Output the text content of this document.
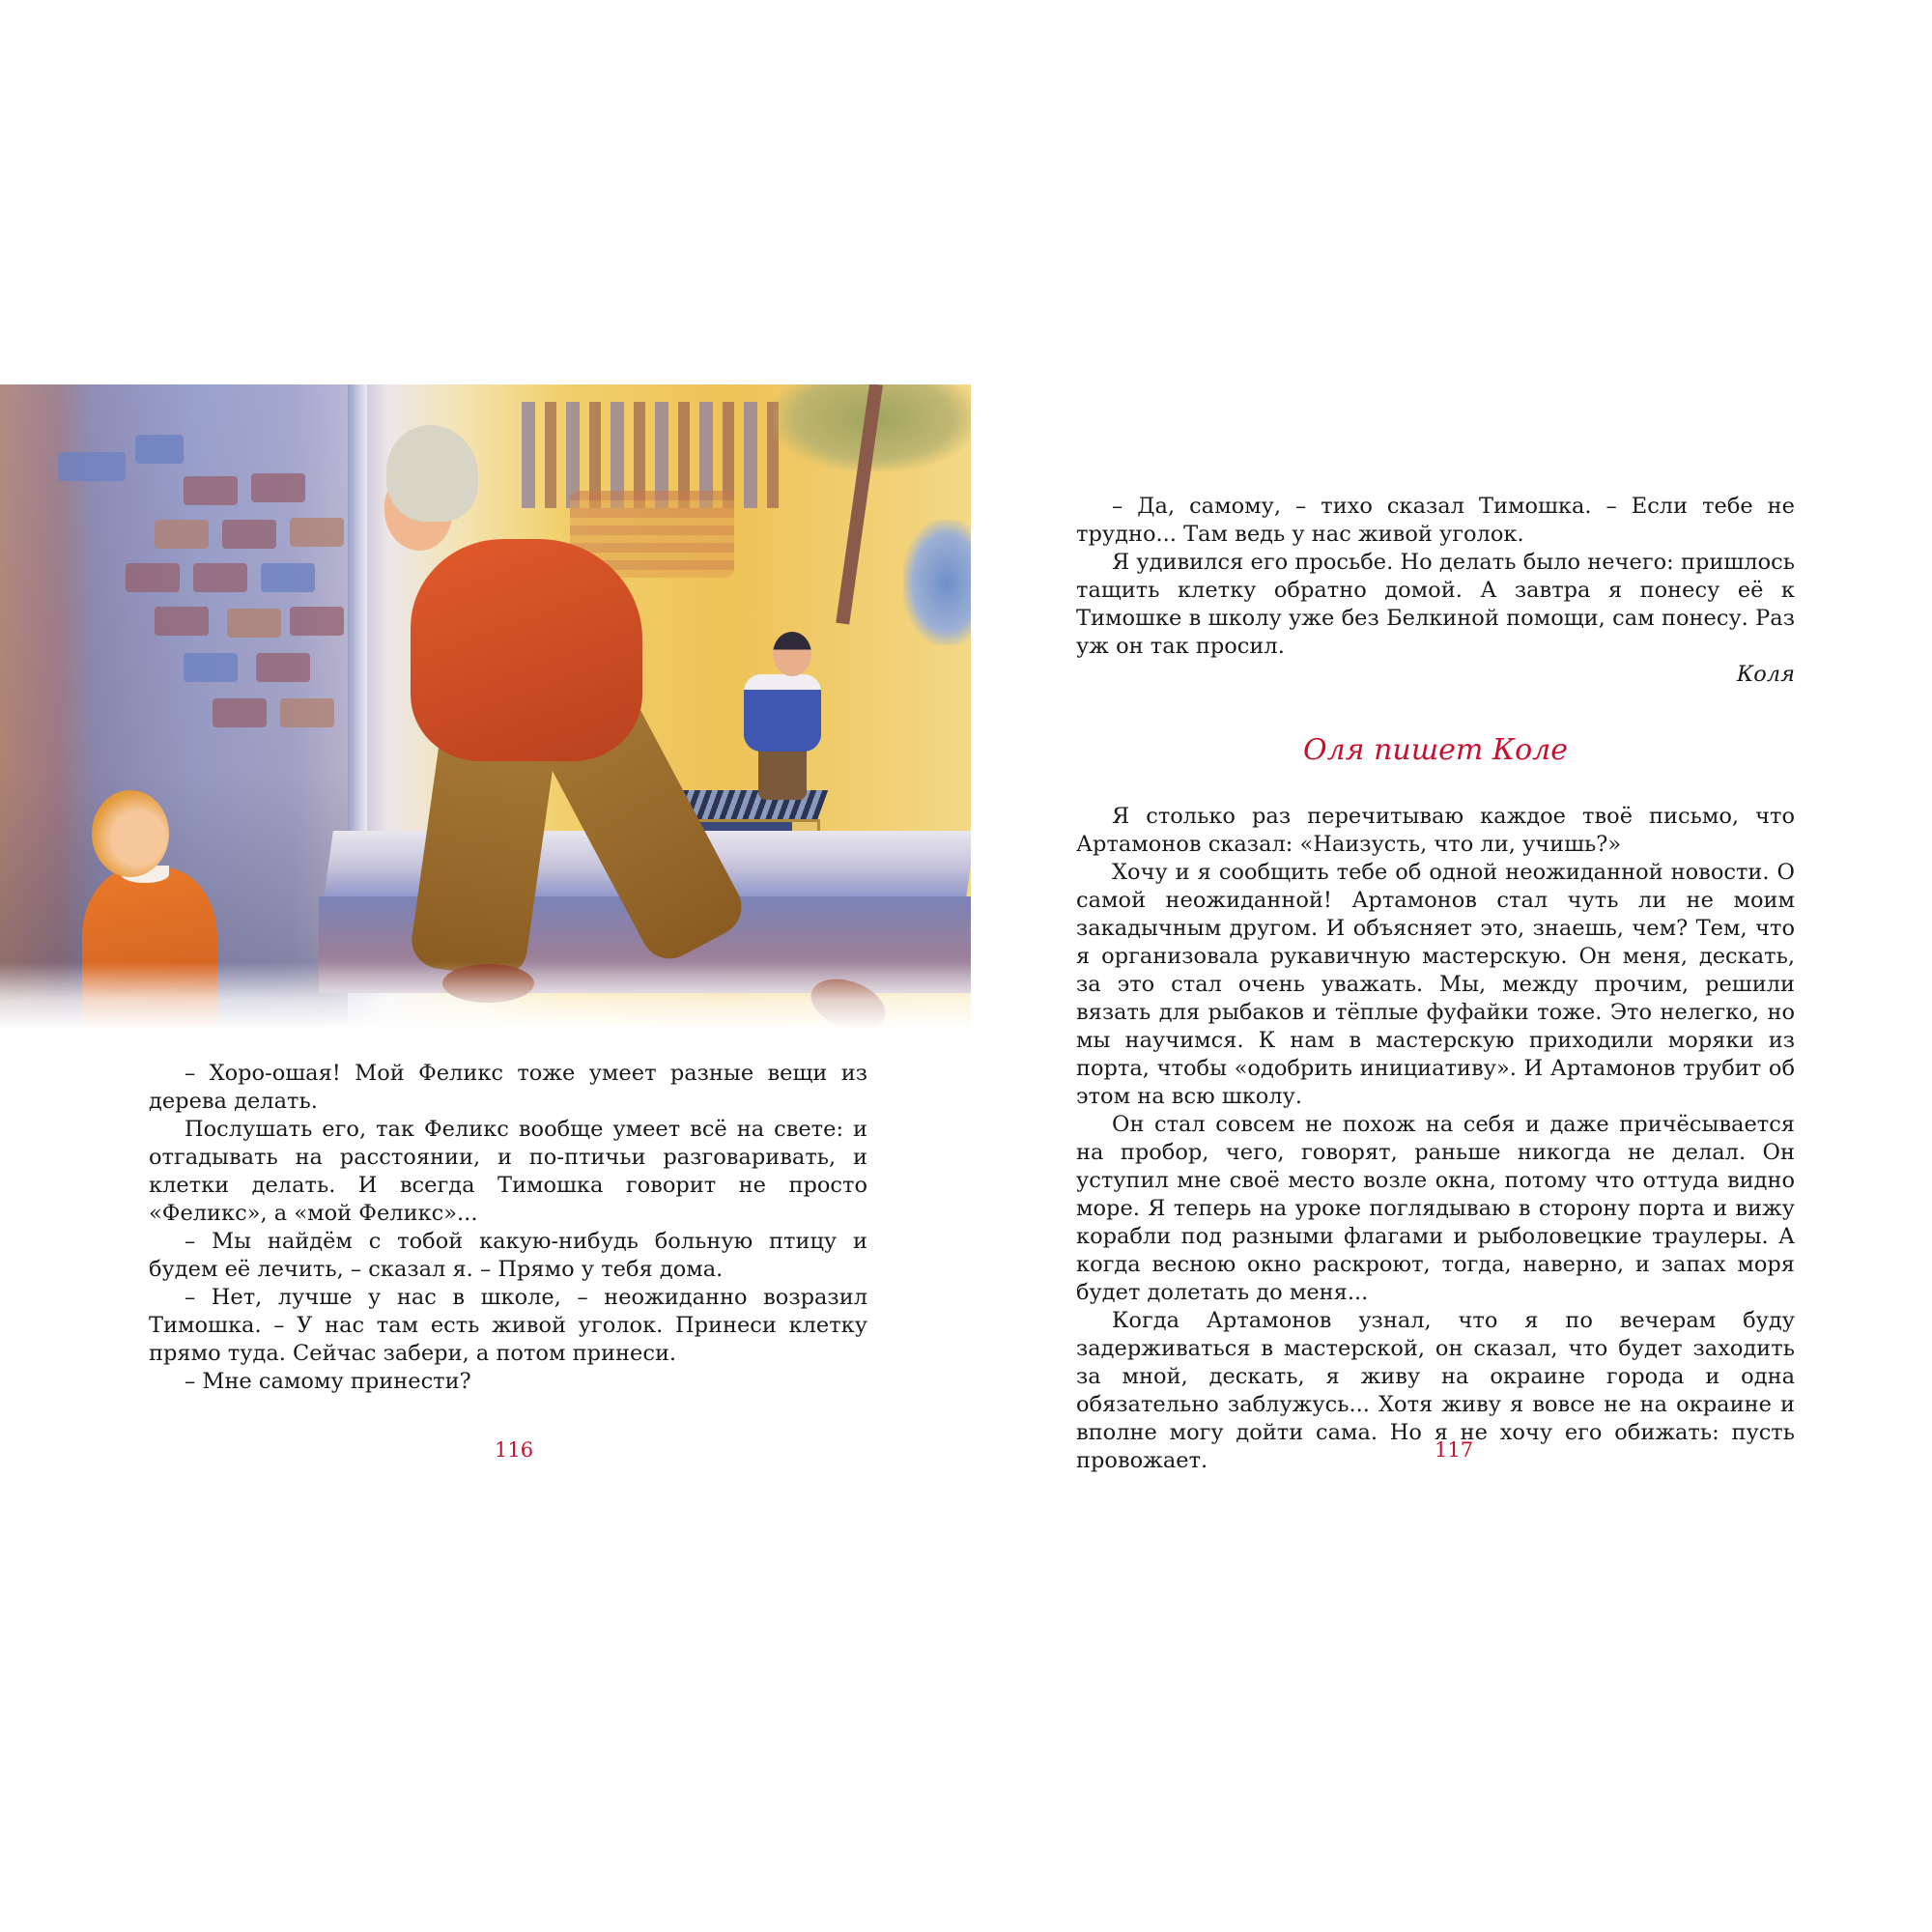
– Хоро-ошая! Мой Феликс тоже умеет разные вещи из дерева делать.

Послушать его, так Феликс вообще умеет всё на свете: и отгадывать на расстоянии, и по-птичьи разговаривать, и клетки делать. И всегда Тимошка говорит не просто «Феликс», а «мой Феликс»...

– Мы найдём с тобой какую-нибудь больную птицу и будем её лечить, – сказал я. – Прямо у тебя дома.

– Нет, лучше у нас в школе, – неожиданно возразил Тимошка. – У нас там есть живой уголок. Принеси клетку прямо туда. Сейчас забери, а потом принеси.

– Мне самому принести?

116

– Да, самому, – тихо сказал Тимошка. – Если тебе не трудно... Там ведь у нас живой уголок.

Я удивился его просьбе. Но делать было нечего: пришлось тащить клетку обратно домой. А завтра я понесу её к Тимошке в школу уже без Белкиной помощи, сам понесу. Раз уж он так просил.

Коля

Оля пишет Коле

Я столько раз перечитываю каждое твоё письмо, что Артамонов сказал: «Наизусть, что ли, учишь?»

Хочу и я сообщить тебе об одной неожиданной новости. О самой неожиданной! Артамонов стал чуть ли не моим закадычным другом. И объясняет это, знаешь, чем? Тем, что я организовала рукавичную мастерскую. Он меня, дескать, за это стал очень уважать. Мы, между прочим, решили вязать для рыбаков и тёплые фуфайки тоже. Это нелегко, но мы научимся. К нам в мастерскую приходили моряки из порта, чтобы «одобрить инициативу». И Артамонов трубит об этом на всю школу.

Он стал совсем не похож на себя и даже причёсывается на пробор, чего, говорят, раньше никогда не делал. Он уступил мне своё место возле окна, потому что оттуда видно море. Я теперь на уроке поглядываю в сторону порта и вижу корабли под разными флагами и рыболовецкие траулеры. А когда весною окно раскроют, тогда, наверно, и запах моря будет долетать до меня...

Когда Артамонов узнал, что я по вечерам буду задерживаться в мастерской, он сказал, что будет заходить за мной, дескать, я живу на окраине города и одна обязательно заблужусь... Хотя живу я вовсе не на окраине и вполне могу дойти сама. Но я не хочу его обижать: пусть провожает.	117
